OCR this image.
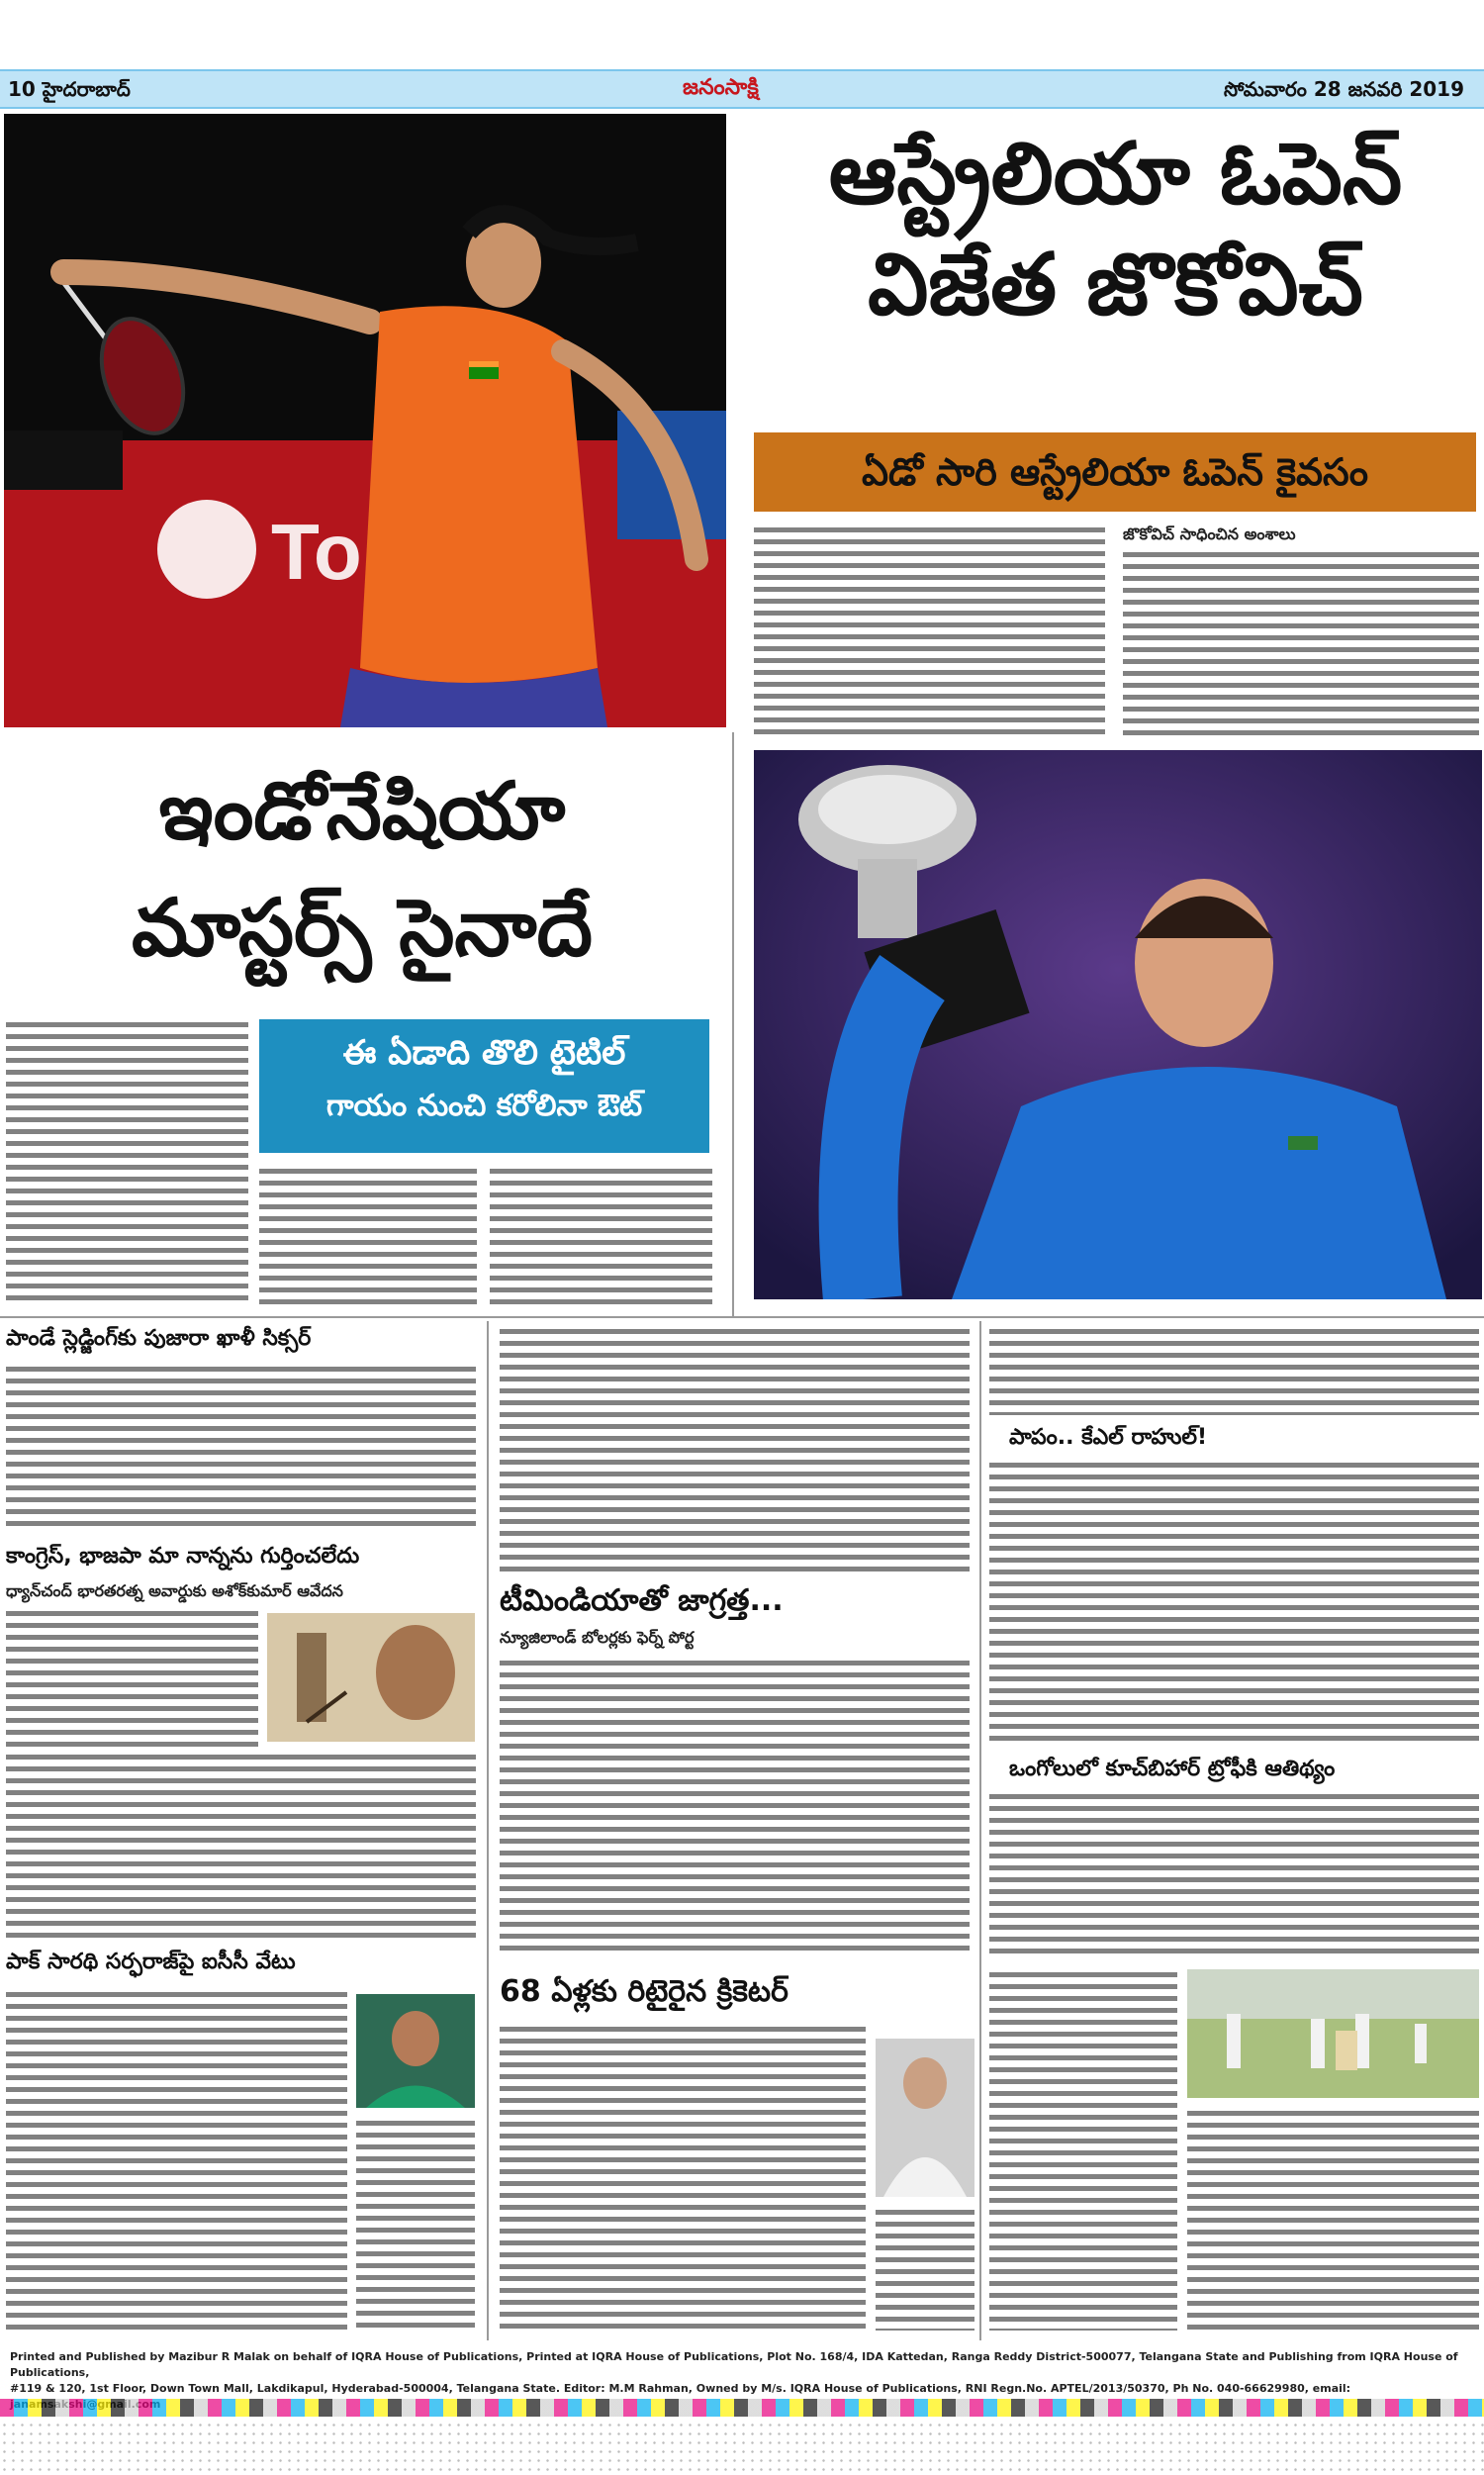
10 హైదరాబాద్	జనంసాక్షి	సోమవారం 28 జనవరి 2019
To
ఆస్ట్రేలియా ఓపెన్
విజేత జొకోవిచ్
ఏడో సారి ఆస్ట్రేలియా ఓపెన్ కైవసం
జొకోవిచ్ సాధించిన అంశాలు
ఇండోనేషియా
మాస్టర్స్ సైనాదే
ఈ ఏడాది తొలి టైటిల్
గాయం నుంచి కరోలినా ఔట్
పాండే స్లెడ్జింగ్‌కు పుజారా ఖాళీ సిక్సర్
కాంగ్రెస్, భాజపా మా నాన్నను గుర్తించలేదు
ధ్యాన్‌చంద్ భారతరత్న అవార్డుకు అశోక్‌కుమార్ ఆవేదన
పాక్ సారథి సర్ఫరాజ్‌పై ఐసీసీ వేటు
టీమిండియాతో జాగ్రత్త...
న్యూజిలాండ్ బోలర్లకు ఫెర్న్ పోర్ట
68 ఏళ్లకు రిటైరైన క్రికెటర్
పాపం.. కేఎల్ రాహుల్!
ఒంగోలులో కూచ్‌బిహార్ ట్రోఫీకి ఆతిథ్యం
Printed and Published by Mazibur R Malak on behalf of IQRA House of Publications, Printed at IQRA House of Publications, Plot No. 168/4, IDA Kattedan, Ranga Reddy District-500077, Telangana State and Publishing from IQRA House of Publications,
#119 & 120, 1st Floor, Down Town Mall, Lakdikapul, Hyderabad-500004, Telangana State. Editor: M.M Rahman, Owned by M/s. IQRA House of Publications, RNI Regn.No. APTEL/2013/50370, Ph No. 040-66629980, email:
